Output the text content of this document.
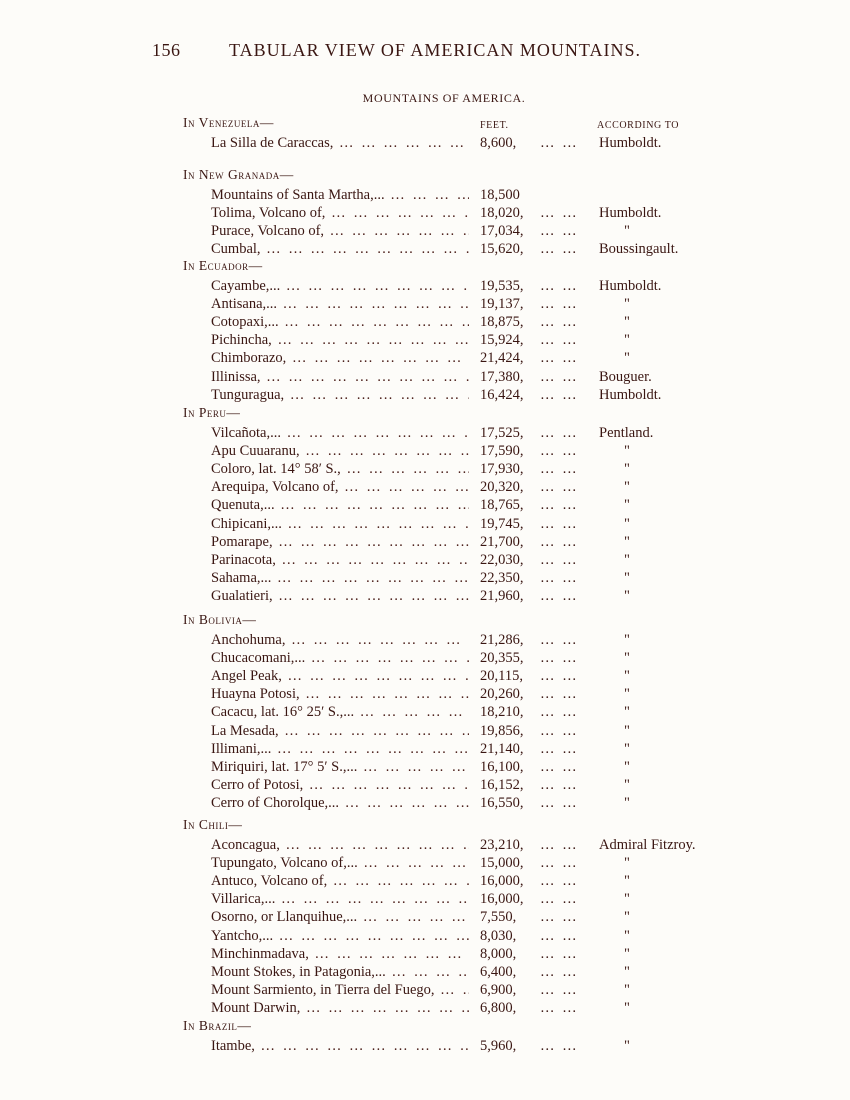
156	TABULAR VIEW OF AMERICAN MOUNTAINS.
MOUNTAINS OF AMERICA.
FEET.	ACCORDING TO
In Venezuela—
La Silla de Caraccas, … … … … … … … … … … … … … … … … … … … …	8,600, … … Humboldt.
In New Granada—
Mountains of Santa Martha,... … … … … … … … … … … … … … … … … … … … …	18,500
Tolima, Volcano of, … … … … … … … … … … … … … … … … … … … …	18,020, … … Humboldt.
Purace, Volcano of, … … … … … … … … … … … … … … … … … … … …	17,034, … …	"
Cumbal, … … … … … … … … … … … … … … … … … … … …	15,620, … … Boussingault.
In Ecuador—
Cayambe,... … … … … … … … … … … … … … … … … … … … …	19,535, … … Humboldt.
Antisana,... … … … … … … … … … … … … … … … … … … … …	19,137, … …	"
Cotopaxi,... … … … … … … … … … … … … … … … … … … … …	18,875, … …	"
Pichincha, … … … … … … … … … … … … … … … … … … … …	15,924, … …	"
Chimborazo, … … … … … … … … … … … … … … … … … … … …	21,424, … …	"
Illinissa, … … … … … … … … … … … … … … … … … … … …	17,380, … … Bouguer.
Tunguragua, … … … … … … … … … … … … … … … … … … … …	16,424, … … Humboldt.
In Peru—
Vilcañota,... … … … … … … … … … … … … … … … … … … … …	17,525, … … Pentland.
Apu Cuuaranu, … … … … … … … … … … … … … … … … … … … …	17,590, … …	"
Coloro, lat. 14° 58′ S., … … … … … … … … … … … … … … … … … … … …	17,930, … …	"
Arequipa, Volcano of, … … … … … … … … … … … … … … … … … … … …	20,320, … …	"
Quenuta,... … … … … … … … … … … … … … … … … … … … …	18,765, … …	"
Chipicani,... … … … … … … … … … … … … … … … … … … … …	19,745, … …	"
Pomarape, … … … … … … … … … … … … … … … … … … … …	21,700, … …	"
Parinacota, … … … … … … … … … … … … … … … … … … … …	22,030, … …	"
Sahama,... … … … … … … … … … … … … … … … … … … … …	22,350, … …	"
Gualatieri, … … … … … … … … … … … … … … … … … … … …	21,960, … …	"
In Bolivia—
Anchohuma, … … … … … … … … … … … … … … … … … … … …	21,286, … …	"
Chucacomani,... … … … … … … … … … … … … … … … … … … … …	20,355, … …	"
Angel Peak, … … … … … … … … … … … … … … … … … … … …	20,115, … …	"
Huayna Potosi, … … … … … … … … … … … … … … … … … … … …	20,260, … …	"
Cacacu, lat. 16° 25′ S.,... … … … … … … … … … … … … … … … … … … … …	18,210, … …	"
La Mesada, … … … … … … … … … … … … … … … … … … … …	19,856, … …	"
Illimani,... … … … … … … … … … … … … … … … … … … … …	21,140, … …	"
Miriquiri, lat. 17° 5′ S.,... … … … … … … … … … … … … … … … … … … … …	16,100, … …	"
Cerro of Potosi, … … … … … … … … … … … … … … … … … … … …	16,152, … …	"
Cerro of Chorolque,... … … … … … … … … … … … … … … … … … … … …	16,550, … …	"
In Chili—
Aconcagua, … … … … … … … … … … … … … … … … … … … …	23,210, … … Admiral Fitzroy.
Tupungato, Volcano of,... … … … … … … … … … … … … … … … … … … … …	15,000, … …	"
Antuco, Volcano of, … … … … … … … … … … … … … … … … … … … …	16,000, … …	"
Villarica,... … … … … … … … … … … … … … … … … … … … …	16,000, … …	"
Osorno, or Llanquihue,... … … … … … … … … … … … … … … … … … … … …	7,550, … …	"
Yantcho,... … … … … … … … … … … … … … … … … … … … …	8,030, … …	"
Minchinmadava, … … … … … … … … … … … … … … … … … … … …	8,000, … …	"
Mount Stokes, in Patagonia,... … … … … … … … … … … … … … … … … … … … …	6,400, … …	"
Mount Sarmiento, in Tierra del Fuego, … … … … … … … … … … … … … … … … … … … …	6,900, … …	"
Mount Darwin, … … … … … … … … … … … … … … … … … … … …	6,800, … …	"
In Brazil—
Itambe, … … … … … … … … … … … … … … … … … … … …	5,960, … …	"
